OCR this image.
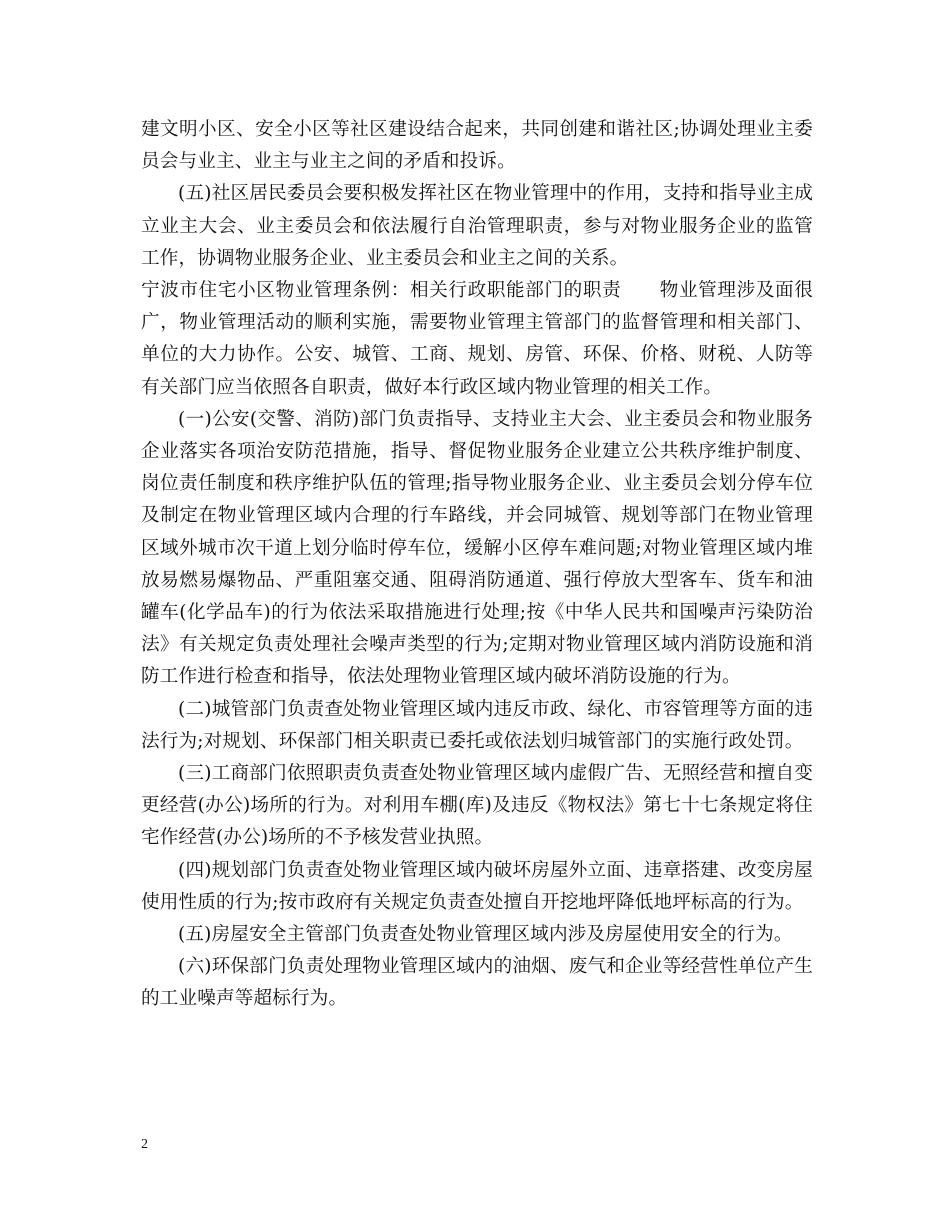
建文明小区、安全小区等社区建设结合起来，共同创建和谐社区;协调处理业主委员会与业主、业主与业主之间的矛盾和投诉。

(五)社区居民委员会要积极发挥社区在物业管理中的作用，支持和指导业主成立业主大会、业主委员会和依法履行自治管理职责，参与对物业服务企业的监管工作，协调物业服务企业、业主委员会和业主之间的关系。

宁波市住宅小区物业管理条例：相关行政职能部门的职责　　物业管理涉及面很广，物业管理活动的顺利实施，需要物业管理主管部门的监督管理和相关部门、单位的大力协作。公安、城管、工商、规划、房管、环保、价格、财税、人防等有关部门应当依照各自职责，做好本行政区域内物业管理的相关工作。

(一)公安(交警、消防)部门负责指导、支持业主大会、业主委员会和物业服务企业落实各项治安防范措施，指导、督促物业服务企业建立公共秩序维护制度、岗位责任制度和秩序维护队伍的管理;指导物业服务企业、业主委员会划分停车位及制定在物业管理区域内合理的行车路线，并会同城管、规划等部门在物业管理区域外城市次干道上划分临时停车位，缓解小区停车难问题;对物业管理区域内堆放易燃易爆物品、严重阻塞交通、阻碍消防通道、强行停放大型客车、货车和油罐车(化学品车)的行为依法采取措施进行处理;按《中华人民共和国噪声污染防治法》有关规定负责处理社会噪声类型的行为;定期对物业管理区域内消防设施和消防工作进行检查和指导，依法处理物业管理区域内破坏消防设施的行为。

(二)城管部门负责查处物业管理区域内违反市政、绿化、市容管理等方面的违法行为;对规划、环保部门相关职责已委托或依法划归城管部门的实施行政处罚。

(三)工商部门依照职责负责查处物业管理区域内虚假广告、无照经营和擅自变更经营(办公)场所的行为。对利用车棚(库)及违反《物权法》第七十七条规定将住宅作经营(办公)场所的不予核发营业执照。

(四)规划部门负责查处物业管理区域内破坏房屋外立面、违章搭建、改变房屋使用性质的行为;按市政府有关规定负责查处擅自开挖地坪降低地坪标高的行为。

(五)房屋安全主管部门负责查处物业管理区域内涉及房屋使用安全的行为。

(六)环保部门负责处理物业管理区域内的油烟、废气和企业等经营性单位产生的工业噪声等超标行为。

2
